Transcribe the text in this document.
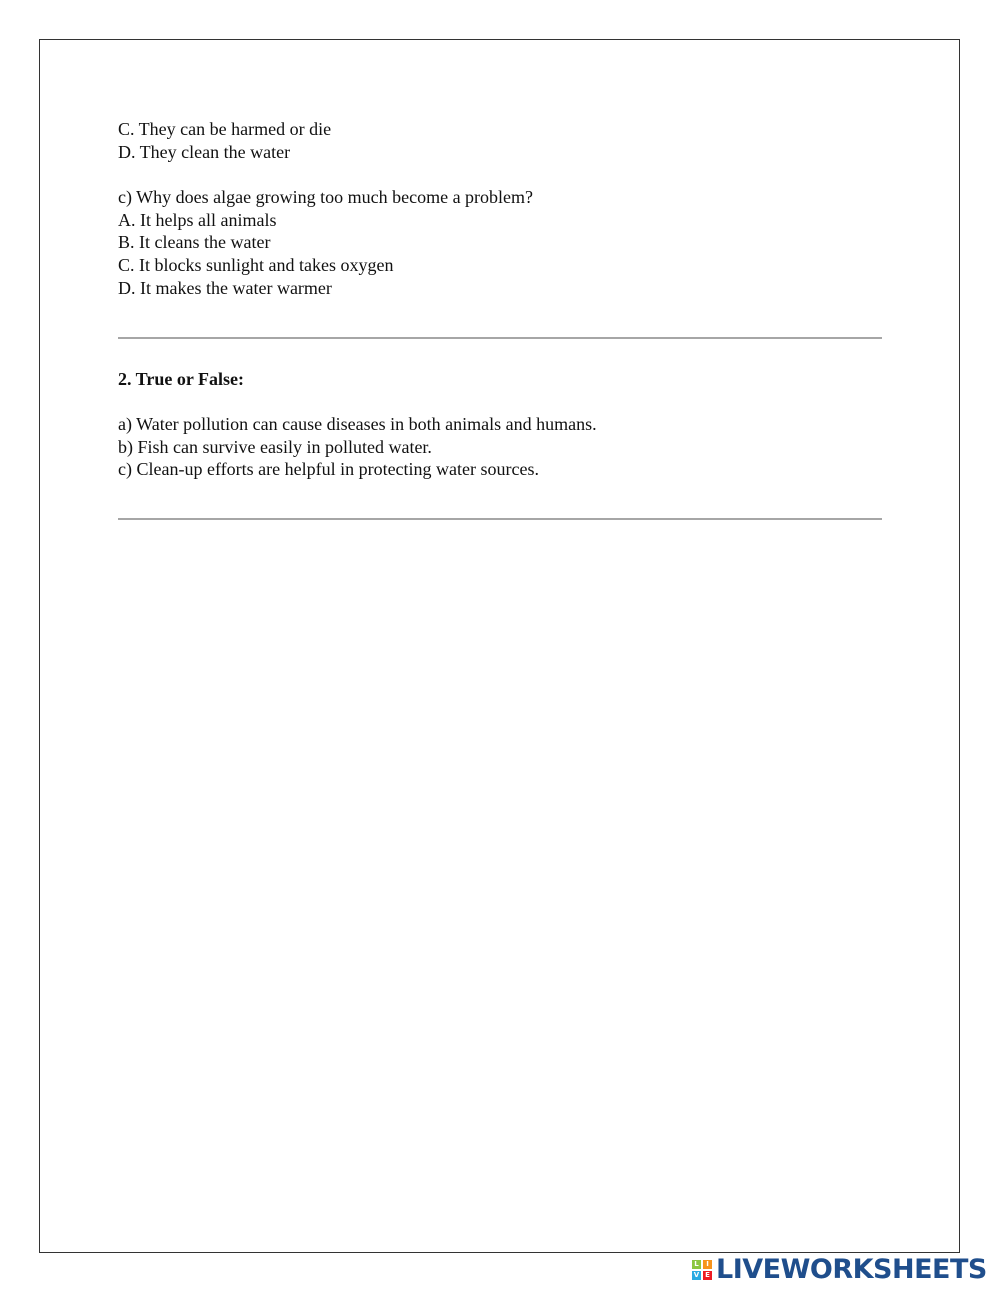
C. They can be harmed or die
D. They clean the water
c) Why does algae growing too much become a problem?
A. It helps all animals
B. It cleans the water
C. It blocks sunlight and takes oxygen
D. It makes the water warmer
2. True or False:
a) Water pollution can cause diseases in both animals and humans.
b) Fish can survive easily in polluted water.
c) Clean-up efforts are helpful in protecting water sources.
L	I
V E LIVEWORKSHEETS
